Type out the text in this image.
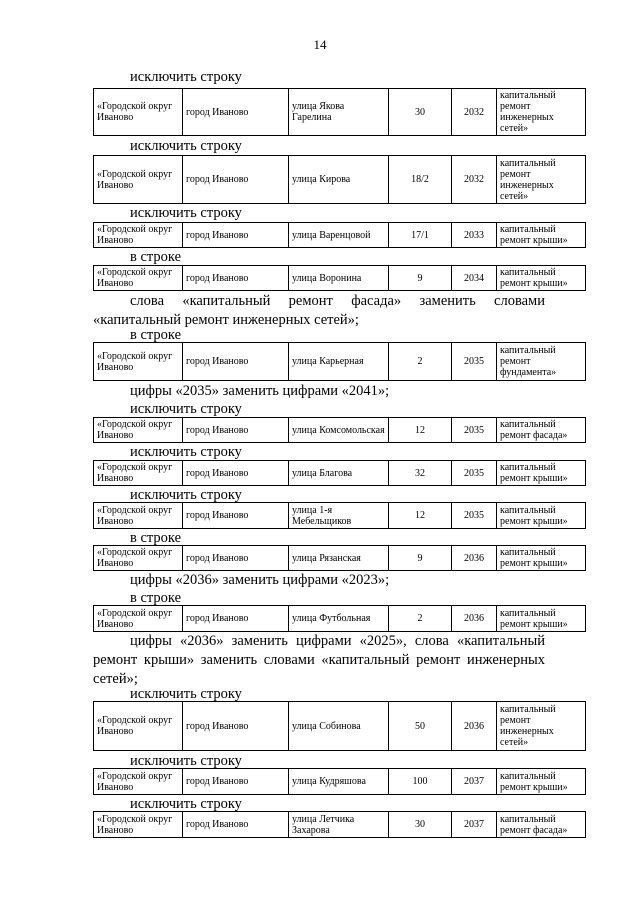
14
исключить строку
«Городской округ Иваново	город Иваново	улица Якова Гарелина	30	2032	капитальный ремонт инженерных сетей»
исключить строку
«Городской округ Иваново	город Иваново	улица Кирова	18/2	2032	капитальный ремонт инженерных сетей»
исключить строку
«Городской округ Иваново	город Иваново	улица Варенцовой	17/1	2033	капитальный ремонт крыши»
в строке
«Городской округ Иваново	город Иваново	улица Воронина	9	2034	капитальный ремонт крыши»
слова «капитальный ремонт фасада» заменить словами «капитальный ремонт инженерных сетей»;
в строке
«Городской округ Иваново	город Иваново	улица Карьерная	2	2035	капитальный ремонт фундамента»
цифры «2035» заменить цифрами «2041»;
исключить строку
«Городской округ Иваново	город Иваново	улица Комсомольская	12	2035	капитальный ремонт фасада»
исключить строку
«Городской округ Иваново	город Иваново	улица Благова	32	2035	капитальный ремонт крыши»
исключить строку
«Городской округ Иваново	город Иваново	улица 1-я Мебельщиков	12	2035	капитальный ремонт крыши»
в строке
«Городской округ Иваново	город Иваново	улица Рязанская	9	2036	капитальный ремонт крыши»
цифры «2036» заменить цифрами «2023»;
в строке
«Городской округ Иваново	город Иваново	улица Футбольная	2	2036	капитальный ремонт крыши»
цифры «2036» заменить цифрами «2025», слова «капитальный ремонт крыши» заменить словами «капитальный ремонт инженерных сетей»;
исключить строку
«Городской округ Иваново	город Иваново	улица Собинова	50	2036	капитальный ремонт инженерных сетей»
исключить строку
«Городской округ Иваново	город Иваново	улица Кудряшова	100	2037	капитальный ремонт крыши»
исключить строку
«Городской округ Иваново	город Иваново	улица Летчика Захарова	30	2037	капитальный ремонт фасада»
